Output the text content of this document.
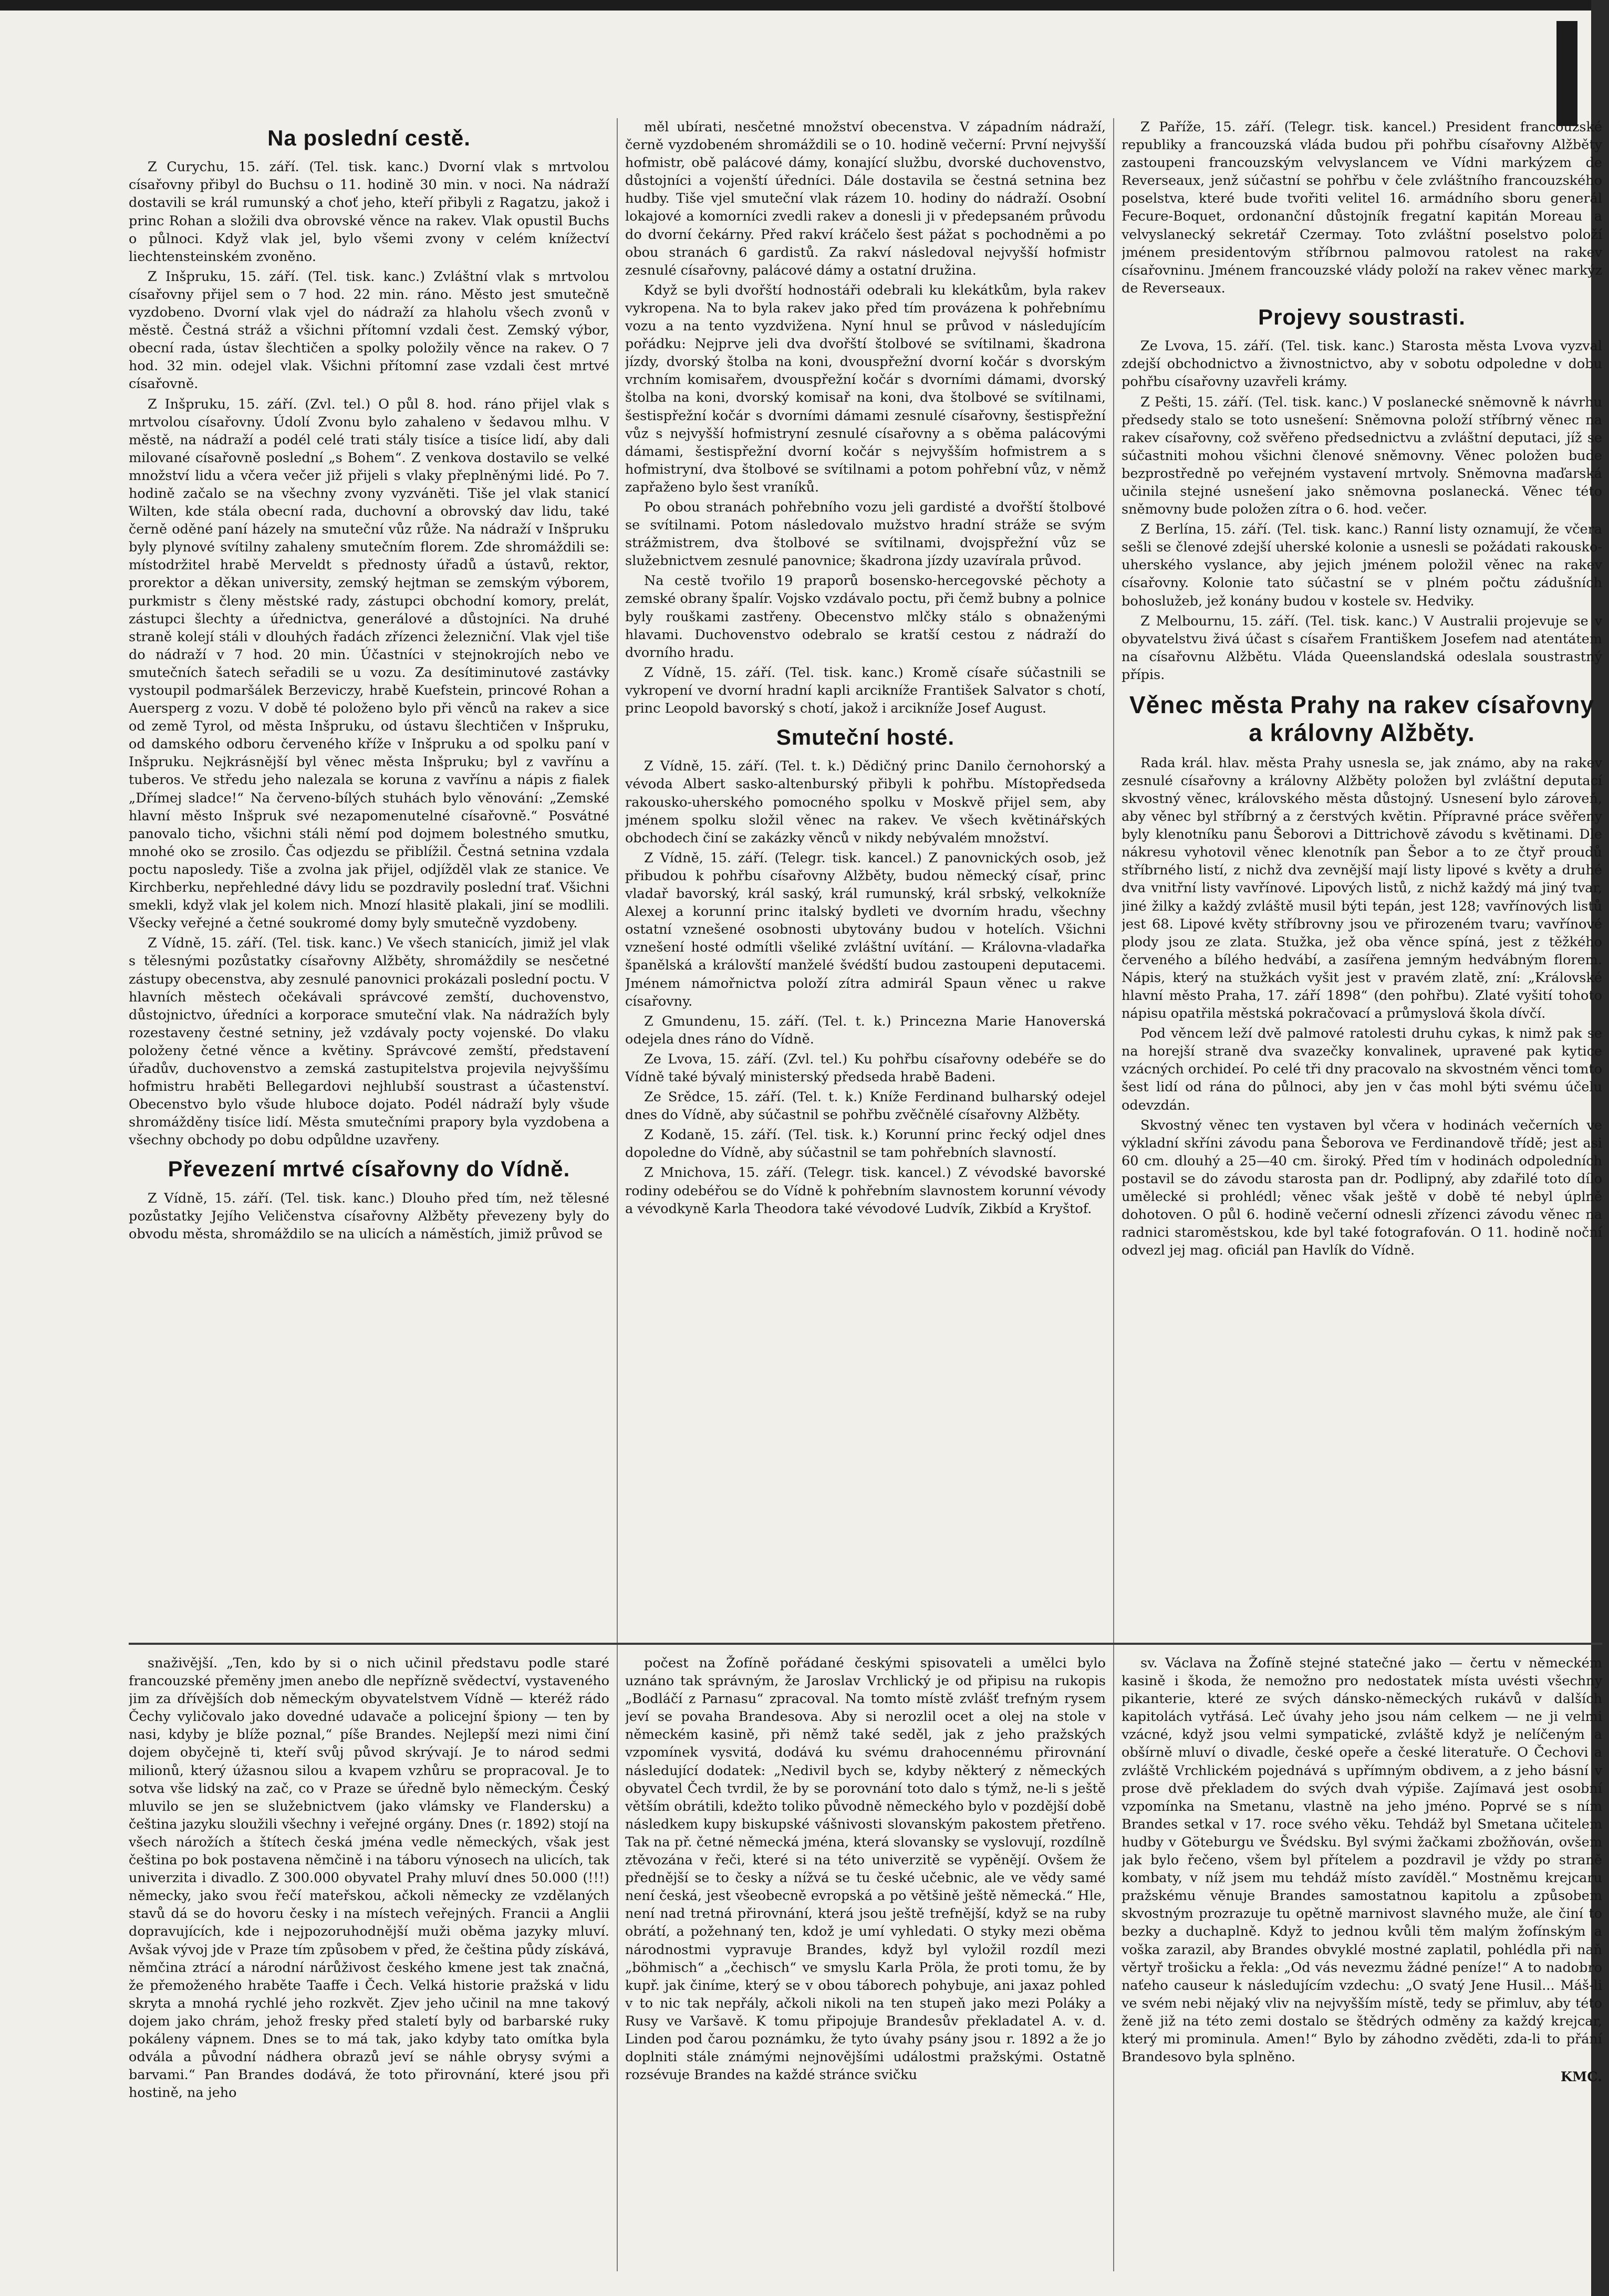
Na poslední cestě.

Z Curychu, 15. září. (Tel. tisk. kanc.) Dvorní vlak s mrtvolou císařovny přibyl do Buchsu o 11. hodině 30 min. v noci. Na nádraží dostavili se král rumunský a choť jeho, kteří přibyli z Ragatzu, jakož i princ Rohan a složili dva obrovské věnce na rakev. Vlak opustil Buchs o půlnoci. Když vlak jel, bylo všemi zvony v celém knížectví liechtensteinském zvoněno.

Z Inšpruku, 15. září. (Tel. tisk. kanc.) Zvláštní vlak s mrtvolou císařovny přijel sem o 7 hod. 22 min. ráno. Město jest smutečně vyzdobeno. Dvorní vlak vjel do nádraží za hlaholu všech zvonů v městě. Čestná stráž a všichni přítomní vzdali čest. Zemský výbor, obecní rada, ústav šlechtičen a spolky položily věnce na rakev. O 7 hod. 32 min. odejel vlak. Všichni přítomní zase vzdali čest mrtvé císařovně.

Z Inšpruku, 15. září. (Zvl. tel.) O půl 8. hod. ráno přijel vlak s mrtvolou císařovny. Údolí Zvonu bylo zahaleno v šedavou mlhu. V městě, na nádraží a podél celé trati stály tisíce a tisíce lidí, aby dali milované císařovně poslední „s Bohem“. Z venkova dostavilo se velké množství lidu a včera večer již přijeli s vlaky přeplněnými lidé. Po 7. hodině začalo se na všechny zvony vyzváněti. Tiše jel vlak stanicí Wilten, kde stála obecní rada, duchovní a obrovský dav lidu, také černě oděné paní házely na smuteční vůz růže. Na nádraží v Inšpruku byly plynové svítilny zahaleny smutečním florem. Zde shromáždili se: místodržitel hrabě Merveldt s přednosty úřadů a ústavů, rektor, prorektor a děkan university, zemský hejtman se zemským výborem, purkmistr s členy městské rady, zástupci obchodní komory, prelát, zástupci šlechty a úřednictva, generálové a důstojníci. Na druhé straně kolejí stáli v dlouhých řadách zřízenci železniční. Vlak vjel tiše do nádraží v 7 hod. 20 min. Účastníci v stejnokrojích nebo ve smutečních šatech seřadili se u vozu. Za desítiminutové zastávky vystoupil podmaršálek Berzeviczy, hrabě Kuefstein, princové Rohan a Auersperg z vozu. V době té položeno bylo při věnců na rakev a sice od země Tyrol, od města Inšpruku, od ústavu šlechtičen v Inšpruku, od damského odboru červeného kříže v Inšpruku a od spolku paní v Inšpruku. Nejkrásnější byl věnec města Inšpruku; byl z vavřínu a tuberos. Ve středu jeho nalezala se koruna z vavřínu a nápis z fialek „Dřímej sladce!“ Na červeno-bílých stuhách bylo věnování: „Zemské hlavní město Inšpruk své nezapomenutelné císařovně.“ Posvátné panovalo ticho, všichni stáli němí pod dojmem bolestného smutku, mnohé oko se zrosilo. Čas odjezdu se přiblížil. Čestná setnina vzdala poctu naposledy. Tiše a zvolna jak přijel, odjížděl vlak ze stanice. Ve Kirchberku, nepřehledné dávy lidu se pozdravily poslední trať. Všichni smekli, když vlak jel kolem nich. Mnozí hlasitě plakali, jiní se modlili. Všecky veřejné a četné soukromé domy byly smutečně vyzdobeny.

Z Vídně, 15. září. (Tel. tisk. kanc.) Ve všech stanicích, jimiž jel vlak s tělesnými pozůstatky císařovny Alžběty, shromáždily se nesčetné zástupy obecenstva, aby zesnulé panovnici prokázali poslední poctu. V hlavních městech očekávali správcové zemští, duchovenstvo, důstojnictvo, úředníci a korporace smuteční vlak. Na nádražích byly rozestaveny čestné setniny, jež vzdávaly pocty vojenské. Do vlaku položeny četné věnce a květiny. Správcové zemští, představení úřadův, duchovenstvo a zemská zastupitelstva projevila nejvyššímu hofmistru hraběti Bellegardovi nejhlubší soustrast a účastenství. Obecenstvo bylo všude hluboce dojato. Podél nádraží byly všude shromážděny tisíce lidí. Města smutečními prapory byla vyzdobena a všechny obchody po dobu odpůldne uzavřeny.

Převezení mrtvé císařovny do Vídně.

Z Vídně, 15. září. (Tel. tisk. kanc.) Dlouho před tím, než tělesné pozůstatky Jejího Veličenstva císařovny Alžběty převezeny byly do obvodu města, shromáždilo se na ulicích a náměstích, jimiž průvod se

měl ubírati, nesčetné množství obecenstva. V západním nádraží, černě vyzdobeném shromáždili se o 10. hodině večerní: První nejvyšší hofmistr, obě palácové dámy, konající službu, dvorské duchovenstvo, důstojníci a vojenští úředníci. Dále dostavila se čestná setnina bez hudby. Tiše vjel smuteční vlak rázem 10. hodiny do nádraží. Osobní lokajové a komorníci zvedli rakev a donesli ji v předepsaném průvodu do dvorní čekárny. Před rakví kráčelo šest pážat s pochodněmi a po obou stranách 6 gardistů. Za rakví následoval nejvyšší hofmistr zesnulé císařovny, palácové dámy a ostatní družina.

Když se byli dvořští hodnostáři odebrali ku klekátkům, byla rakev vykropena. Na to byla rakev jako před tím provázena k pohřebnímu vozu a na tento vyzdvižena. Nyní hnul se průvod v následujícím pořádku: Nejprve jeli dva dvořští štolbové se svítilnami, škadrona jízdy, dvorský štolba na koni, dvouspřežní dvorní kočár s dvorským vrchním komisařem, dvouspřežní kočár s dvorními dámami, dvorský štolba na koni, dvorský komisař na koni, dva štolbové se svítilnami, šestispřežní kočár s dvorními dámami zesnulé císařovny, šestispřežní vůz s nejvyšší hofmistryní zesnulé císařovny a s oběma palácovými dámami, šestispřežní dvorní kočár s nejvyšším hofmistrem a s hofmistryní, dva štolbové se svítilnami a potom pohřební vůz, v němž zapřaženo bylo šest vraníků.

Po obou stranách pohřebního vozu jeli gardisté a dvořští štolbové se svítilnami. Potom následovalo mužstvo hradní stráže se svým strážmistrem, dva štolbové se svítilnami, dvojspřežní vůz se služebnictvem zesnulé panovnice; škadrona jízdy uzavírala průvod.

Na cestě tvořilo 19 praporů bosensko-hercegovské pěchoty a zemské obrany špalír. Vojsko vzdávalo poctu, při čemž bubny a polnice byly rouškami zastřeny. Obecenstvo mlčky stálo s obnaženými hlavami. Duchovenstvo odebralo se kratší cestou z nádraží do dvorního hradu.

Z Vídně, 15. září. (Tel. tisk. kanc.) Kromě císaře súčastnili se vykropení ve dvorní hradní kapli arcikníže František Salvator s chotí, princ Leopold bavorský s chotí, jakož i arcikníže Josef August.

Smuteční hosté.

Z Vídně, 15. září. (Tel. t. k.) Dědičný princ Danilo černohorský a vévoda Albert sasko-altenburský přibyli k pohřbu. Místopředseda rakousko-uherského pomocného spolku v Moskvě přijel sem, aby jménem spolku složil věnec na rakev. Ve všech květinářských obchodech činí se zakázky věnců v nikdy nebývalém množství.

Z Vídně, 15. září. (Telegr. tisk. kancel.) Z panovnických osob, jež přibudou k pohřbu císařovny Alžběty, budou německý císař, princ vladař bavorský, král saský, král rumunský, král srbský, velkokníže Alexej a korunní princ italský bydleti ve dvorním hradu, všechny ostatní vznešené osobnosti ubytovány budou v hotelích. Všichni vznešení hosté odmítli všeliké zvláštní uvítání. — Královna-vladařka španělská a královští manželé švédští budou zastoupeni deputacemi. Jménem námořnictva položí zítra admirál Spaun věnec u rakve císařovny.

Z Gmundenu, 15. září. (Tel. t. k.) Princezna Marie Hanoverská odejela dnes ráno do Vídně.

Ze Lvova, 15. září. (Zvl. tel.) Ku pohřbu císařovny odebéře se do Vídně také bývalý ministerský předseda hrabě Badeni.

Ze Srědce, 15. září. (Tel. t. k.) Kníže Ferdinand bulharský odejel dnes do Vídně, aby súčastnil se pohřbu zvěčnělé císařovny Alžběty.

Z Kodaně, 15. září. (Tel. tisk. k.) Korunní princ řecký odjel dnes dopoledne do Vídně, aby súčastnil se tam pohřebních slavností.

Z Mnichova, 15. září. (Telegr. tisk. kancel.) Z vévodské bavorské rodiny odebéřou se do Vídně k pohřebním slavnostem korunní vévody a vévodkyně Karla Theodora také vévodové Ludvík, Zikbíd a Kryštof.

Z Paříže, 15. září. (Telegr. tisk. kancel.) President francouzské republiky a francouzská vláda budou při pohřbu císařovny Alžběty zastoupeni francouzským velvyslancem ve Vídni markýzem de Reverseaux, jenž súčastní se pohřbu v čele zvláštního francouzského poselstva, které bude tvořiti velitel 16. armádního sboru generál Fecure-Boquet, ordonanční důstojník fregatní kapitán Moreau a velvyslanecký sekretář Czermay. Toto zvláštní poselstvo položí jménem presidentovým stříbrnou palmovou ratolest na rakev císařovninu. Jménem francouzské vlády položí na rakev věnec markýz de Reverseaux.

Projevy soustrasti.

Ze Lvova, 15. září. (Tel. tisk. kanc.) Starosta města Lvova vyzval zdejší obchodnictvo a živnostnictvo, aby v sobotu odpoledne v dobu pohřbu císařovny uzavřeli krámy.

Z Pešti, 15. září. (Tel. tisk. kanc.) V poslanecké sněmovně k návrhu předsedy stalo se toto usnešení: Sněmovna položí stříbrný věnec na rakev císařovny, což svěřeno předsednictvu a zvláštní deputaci, jíž se súčastniti mohou všichni členové sněmovny. Věnec položen bude bezprostředně po veřejném vystavení mrtvoly. Sněmovna maďarská učinila stejné usnešení jako sněmovna poslanecká. Věnec této sněmovny bude položen zítra o 6. hod. večer.

Z Berlína, 15. září. (Tel. tisk. kanc.) Ranní listy oznamují, že včera sešli se členové zdejší uherské kolonie a usnesli se požádati rakousko-uherského vyslance, aby jejich jménem položil věnec na rakev císařovny. Kolonie tato súčastní se v plném počtu zádušních bohoslužeb, jež konány budou v kostele sv. Hedviky.

Z Melbournu, 15. září. (Tel. tisk. kanc.) V Australii projevuje se v obyvatelstvu živá účast s císařem Františkem Josefem nad atentátem na císařovnu Alžbětu. Vláda Queenslandská odeslala soustrastný přípis.

Věnec města Prahy na rakev císařovny a královny Alžběty.

Rada král. hlav. města Prahy usnesla se, jak známo, aby na rakev zesnulé císařovny a královny Alžběty položen byl zvláštní deputací skvostný věnec, královského města důstojný. Usnesení bylo zároveň, aby věnec byl stříbrný a z čerstvých květin. Přípravné práce svěřeny byly klenotníku panu Šeborovi a Dittrichově závodu s květinami. Dle nákresu vyhotovil věnec klenotník pan Šebor a to ze čtyř proudů stříbrného listí, z nichž dva zevnější mají listy lipové s květy a druhé dva vnitřní listy vavřínové. Lipových listů, z nichž každý má jiný tvar, jiné žilky a každý zvláště musil býti tepán, jest 128; vavřínových listů jest 68. Lipové květy stříbrovny jsou ve přirozeném tvaru; vavřínové plody jsou ze zlata. Stužka, jež oba věnce spíná, jest z těžkého červeného a bílého hedvábí, a zasířena jemným hedvábným florem. Nápis, který na stužkách vyšit jest v pravém zlatě, zní: „Královské hlavní město Praha, 17. září 1898“ (den pohřbu). Zlaté vyšití tohoto nápisu opatřila městská pokračovací a průmyslová škola dívčí.

Pod věncem leží dvě palmové ratolesti druhu cykas, k nimž pak se na horejší straně dva svazečky konvalinek, upravené pak kytice vzácných orchideí. Po celé tři dny pracovalo na skvostném věnci tomto šest lidí od rána do půlnoci, aby jen v čas mohl býti svému účelu odevzdán.

Skvostný věnec ten vystaven byl včera v hodinách večerních ve výkladní skříni závodu pana Šeborova ve Ferdinandově třídě; jest asi 60 cm. dlouhý a 25—40 cm. široký. Před tím v hodinách odpoledních postavil se do závodu starosta pan dr. Podlipný, aby zdařilé toto dílo umělecké si prohlédl; věnec však ještě v době té nebyl úplně dohotoven. O půl 6. hodině večerní odnesli zřízenci závodu věnec na radnici staroměstskou, kde byl také fotografován. O 11. hodině noční odvezl jej mag. oficiál pan Havlík do Vídně.

snaživější. „Ten, kdo by si o nich učinil představu podle staré francouzské přeměny jmen anebo dle nepřízně svědectví, vystaveného jim za dřívějších dob německým obyvatelstvem Vídně — kteréž rádo Čechy vyličovalo jako dovedné udavače a policejní špiony — ten by nasi, kdyby je blíže poznal,“ píše Brandes. Nejlepší mezi nimi činí dojem obyčejně ti, kteří svůj původ skrývají. Je to národ sedmi milionů, který úžasnou silou a kvapem vzhůru se propracoval. Je to sotva vše lidský na zač, co v Praze se úředně bylo německým. Český mluvilo se jen se služebnictvem (jako vlámsky ve Flandersku) a čeština jazyku sloužili všechny i veřejné orgány. Dnes (r. 1892) stojí na všech nárožích a štítech česká jména vedle německých, však jest čeština po bok postavena němčině i na táboru výnosech na ulicích, tak univerzita i divadlo. Z 300.000 obyvatel Prahy mluví dnes 50.000 (!!!) německy, jako svou řečí mateřskou, ačkoli německy ze vzdělaných stavů dá se do hovoru česky i na místech veřejných. Francii a Anglii dopravujících, kde i nejpozoruhodnější muži oběma jazyky mluví. Avšak vývoj jde v Praze tím způsobem v před, že čeština půdy získává, němčina ztrácí a národní nárůživost českého kmene jest tak značná, že přemoženého hraběte Taaffe i Čech. Velká historie pražská v lidu skryta a mnohá rychlé jeho rozkvět. Zjev jeho učinil na mne takový dojem jako chrám, jehož fresky před staletí byly od barbarské ruky pokáleny vápnem. Dnes se to má tak, jako kdyby tato omítka byla odvála a původní nádhera obrazů jeví se náhle obrysy svými a barvami.“ Pan Brandes dodává, že toto přirovnání, které jsou při hostině, na jeho

počest na Žofíně pořádané českými spisovateli a umělci bylo uznáno tak správným, že Jaroslav Vrchlický je od připisu na rukopis „Bodláčí z Parnasu“ zpracoval. Na tomto místě zvlášť trefným rysem jeví se povaha Brandesova. Aby si nerozlil ocet a olej na stole v německém kasině, při němž také seděl, jak z jeho pražských vzpomínek vysvitá, dodává ku svému drahocennému přirovnání následující dodatek: „Nedivil bych se, kdyby některý z německých obyvatel Čech tvrdil, že by se porovnání toto dalo s týmž, ne-li s ještě větším obrátili, kdežto toliko původně německého bylo v pozdější době následkem kupy biskupské vášnivosti slovanským pakostem přetřeno. Tak na př. četné německá jména, která slovansky se vyslovují, rozdílně ztěvozána v řeči, které si na této univerzitě se vypěnějí. Ovšem že přednější se to česky a nížvá se tu české učebnic, ale ve vědy samé není česká, jest všeobecně evropská a po většině ještě německá.“ Hle, není nad tretná přirovnání, která jsou ještě trefnější, když se na ruby obrátí, a požehnaný ten, kdož je umí vyhledati. O styky mezi oběma národnostmi vypravuje Brandes, když byl vyložil rozdíl mezi „böhmisch“ a „čechisch“ ve smyslu Karla Pröla, že proti tomu, že by kupř. jak činíme, který se v obou táborech pohybuje, ani jaxaz pohled v to nic tak nepřály, ačkoli nikoli na ten stupeň jako mezi Poláky a Rusy ve Varšavě. K tomu připojuje Brandesův překladatel A. v. d. Linden pod čarou poznámku, že tyto úvahy psány jsou r. 1892 a že jo doplniti stále známými nejnovějšími událostmi pražskými. Ostatně rozsévuje Brandes na každé stránce svičku

sv. Václava na Žofíně stejné statečné jako — čertu v německém kasině i škoda, že nemožno pro nedostatek místa uvésti všechny pikanterie, které ze svých dánsko-německých rukávů v dalších kapitolách vytřásá. Leč úvahy jeho jsou nám celkem — ne ji velmi vzácné, když jsou velmi sympatické, zvláště když je nelíčeným a obšírně mluví o divadle, české opeře a české literatuře. O Čechovi a zvláště Vrchlickém pojednává s upřímným obdivem, a z jeho básní v prose dvě překladem do svých dvah výpiše. Zajímavá jest osobní vzpomínka na Smetanu, vlastně na jeho jméno. Poprvé se s ním Brandes setkal v 17. roce svého věku. Tehdáž byl Smetana učitelem hudby v Göteburgu ve Švédsku. Byl svými žačkami zbožňován, ovšem jak bylo řečeno, všem byl přítelem a pozdravil je vždy po straně kombaty, v níž jsem mu tehdáž místo zavíděl.“ Mostněmu krejcaru pražskému věnuje Brandes samostatnou kapitolu a způsobem skvostným prozrazuje tu opětně marnivost slavného muže, ale činí to bezky a duchaplně. Když to jednou kvůli těm malým žofínským a voška zarazil, aby Brandes obvyklé mostné zaplatil, pohlédla při naň věrtyř trošicku a řekla: „Od vás nevezmu žádné peníze!“ A to nadobro naťeho causeur k následujícím vzdechu: „O svatý Jene Husil... Máš-li ve svém nebi nějaký vliv na nejvyšším místě, tedy se přimluv, aby této ženě již na této zemi dostalo se štědrých odměny za každý krejcar, který mi prominula. Amen!“ Bylo by záhodno zvěděti, zda-li to přání Brandesovo byla splněno.

KMC.
